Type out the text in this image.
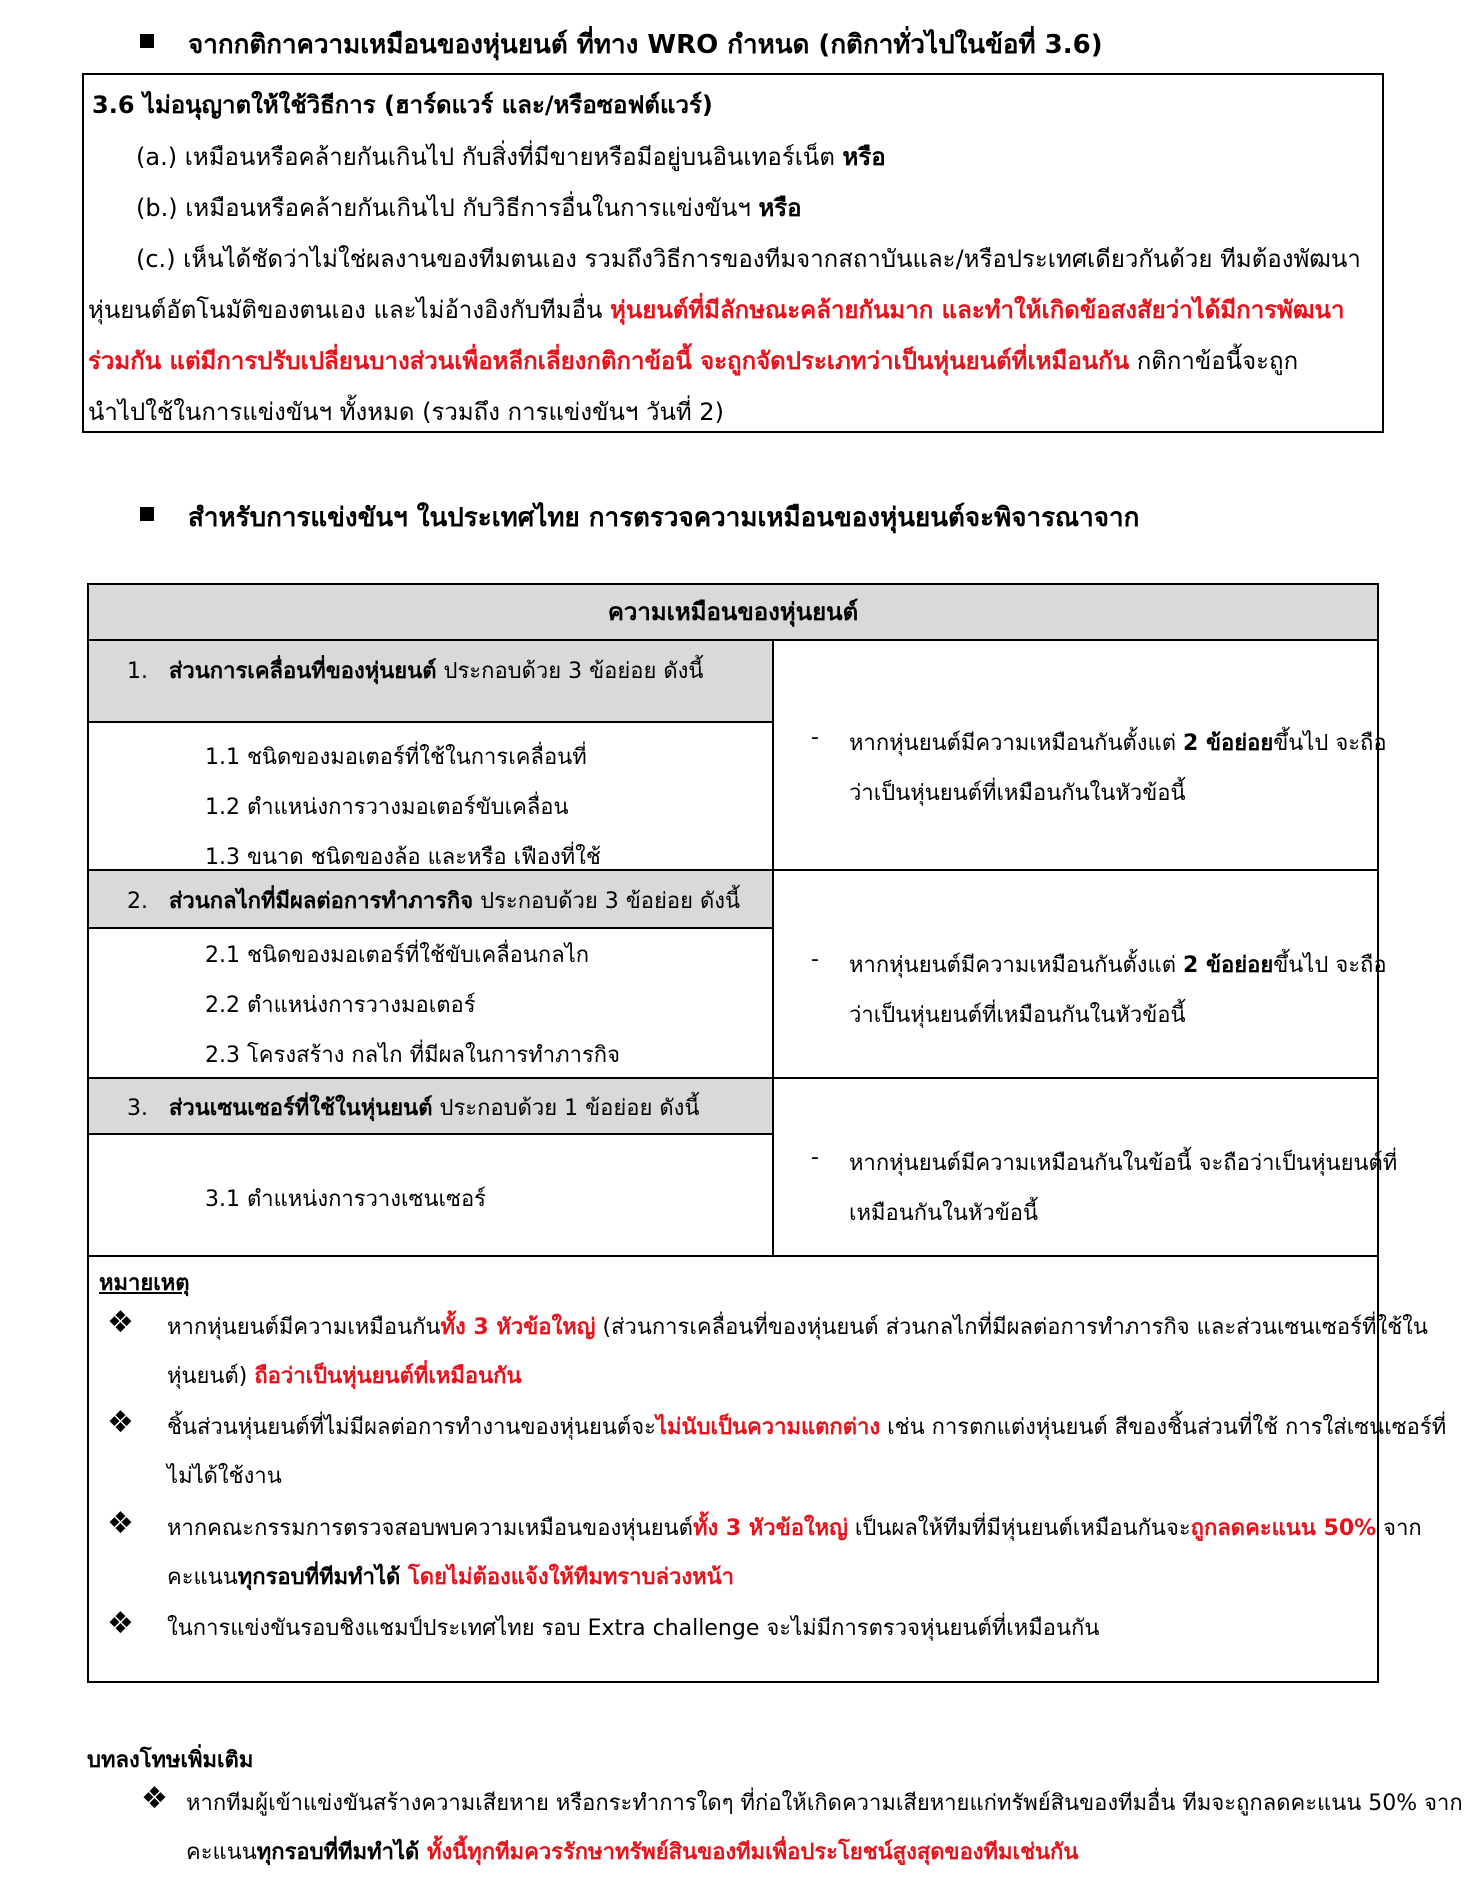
จากกติกาความเหมือนของหุ่นยนต์ ที่ทาง WRO กำหนด (กติกาทั่วไปในข้อที่ 3.6)
3.6 ไม่อนุญาตให้ใช้วิธีการ (ฮาร์ดแวร์ และ/หรือซอฟต์แวร์)
(a.) เหมือนหรือคล้ายกันเกินไป กับสิ่งที่มีขายหรือมีอยู่บนอินเทอร์เน็ต หรือ
(b.) เหมือนหรือคล้ายกันเกินไป กับวิธีการอื่นในการแข่งขันฯ หรือ
(c.) เห็นได้ชัดว่าไม่ใช่ผลงานของทีมตนเอง รวมถึงวิธีการของทีมจากสถาบันและ/หรือประเทศเดียวกันด้วย ทีมต้องพัฒนา
หุ่นยนต์อัตโนมัติของตนเอง และไม่อ้างอิงกับทีมอื่น หุ่นยนต์ที่มีลักษณะคล้ายกันมาก และทำให้เกิดข้อสงสัยว่าได้มีการพัฒนา
ร่วมกัน แต่มีการปรับเปลี่ยนบางส่วนเพื่อหลีกเลี่ยงกติกาข้อนี้ จะถูกจัดประเภทว่าเป็นหุ่นยนต์ที่เหมือนกัน กติกาข้อนี้จะถูก
นำไปใช้ในการแข่งขันฯ ทั้งหมด (รวมถึง การแข่งขันฯ วันที่ 2)
สำหรับการแข่งขันฯ ในประเทศไทย การตรวจความเหมือนของหุ่นยนต์จะพิจารณาจาก
ความเหมือนของหุ่นยนต์
1. ส่วนการเคลื่อนที่ของหุ่นยนต์ ประกอบด้วย 3 ข้อย่อย ดังนี้
1.1 ชนิดของมอเตอร์ที่ใช้ในการเคลื่อนที่
1.2 ตำแหน่งการวางมอเตอร์ขับเคลื่อน
1.3 ขนาด ชนิดของล้อ และหรือ เฟืองที่ใช้
- หากหุ่นยนต์มีความเหมือนกันตั้งแต่ 2 ข้อย่อยขึ้นไป จะถือ
ว่าเป็นหุ่นยนต์ที่เหมือนกันในหัวข้อนี้
2. ส่วนกลไกที่มีผลต่อการทำภารกิจ ประกอบด้วย 3 ข้อย่อย ดังนี้
2.1 ชนิดของมอเตอร์ที่ใช้ขับเคลื่อนกลไก
2.2 ตำแหน่งการวางมอเตอร์
2.3 โครงสร้าง กลไก ที่มีผลในการทำภารกิจ
- หากหุ่นยนต์มีความเหมือนกันตั้งแต่ 2 ข้อย่อยขึ้นไป จะถือ
ว่าเป็นหุ่นยนต์ที่เหมือนกันในหัวข้อนี้
3. ส่วนเซนเซอร์ที่ใช้ในหุ่นยนต์ ประกอบด้วย 1 ข้อย่อย ดังนี้
3.1 ตำแหน่งการวางเซนเซอร์
- หากหุ่นยนต์มีความเหมือนกันในข้อนี้ จะถือว่าเป็นหุ่นยนต์ที่
เหมือนกันในหัวข้อนี้
หมายเหตุ
❖ หากหุ่นยนต์มีความเหมือนกันทั้ง 3 หัวข้อใหญ่ (ส่วนการเคลื่อนที่ของหุ่นยนต์ ส่วนกลไกที่มีผลต่อการทำภารกิจ และส่วนเซนเซอร์ที่ใช้ใน
หุ่นยนต์) ถือว่าเป็นหุ่นยนต์ที่เหมือนกัน
❖ ชิ้นส่วนหุ่นยนต์ที่ไม่มีผลต่อการทำงานของหุ่นยนต์จะไม่นับเป็นความแตกต่าง เช่น การตกแต่งหุ่นยนต์ สีของชิ้นส่วนที่ใช้ การใส่เซนเซอร์ที่
ไม่ได้ใช้งาน
❖ หากคณะกรรมการตรวจสอบพบความเหมือนของหุ่นยนต์ทั้ง 3 หัวข้อใหญ่ เป็นผลให้ทีมที่มีหุ่นยนต์เหมือนกันจะถูกลดคะแนน 50% จาก
คะแนนทุกรอบที่ทีมทำได้ โดยไม่ต้องแจ้งให้ทีมทราบล่วงหน้า
❖ ในการแข่งขันรอบชิงแชมป์ประเทศไทย รอบ Extra challenge จะไม่มีการตรวจหุ่นยนต์ที่เหมือนกัน
บทลงโทษเพิ่มเติม
❖ หากทีมผู้เข้าแข่งขันสร้างความเสียหาย หรือกระทำการใดๆ ที่ก่อให้เกิดความเสียหายแก่ทรัพย์สินของทีมอื่น ทีมจะถูกลดคะแนน 50% จาก
คะแนนทุกรอบที่ทีมทำได้ ทั้งนี้ทุกทีมควรรักษาทรัพย์สินของทีมเพื่อประโยชน์สูงสุดของทีมเช่นกัน
